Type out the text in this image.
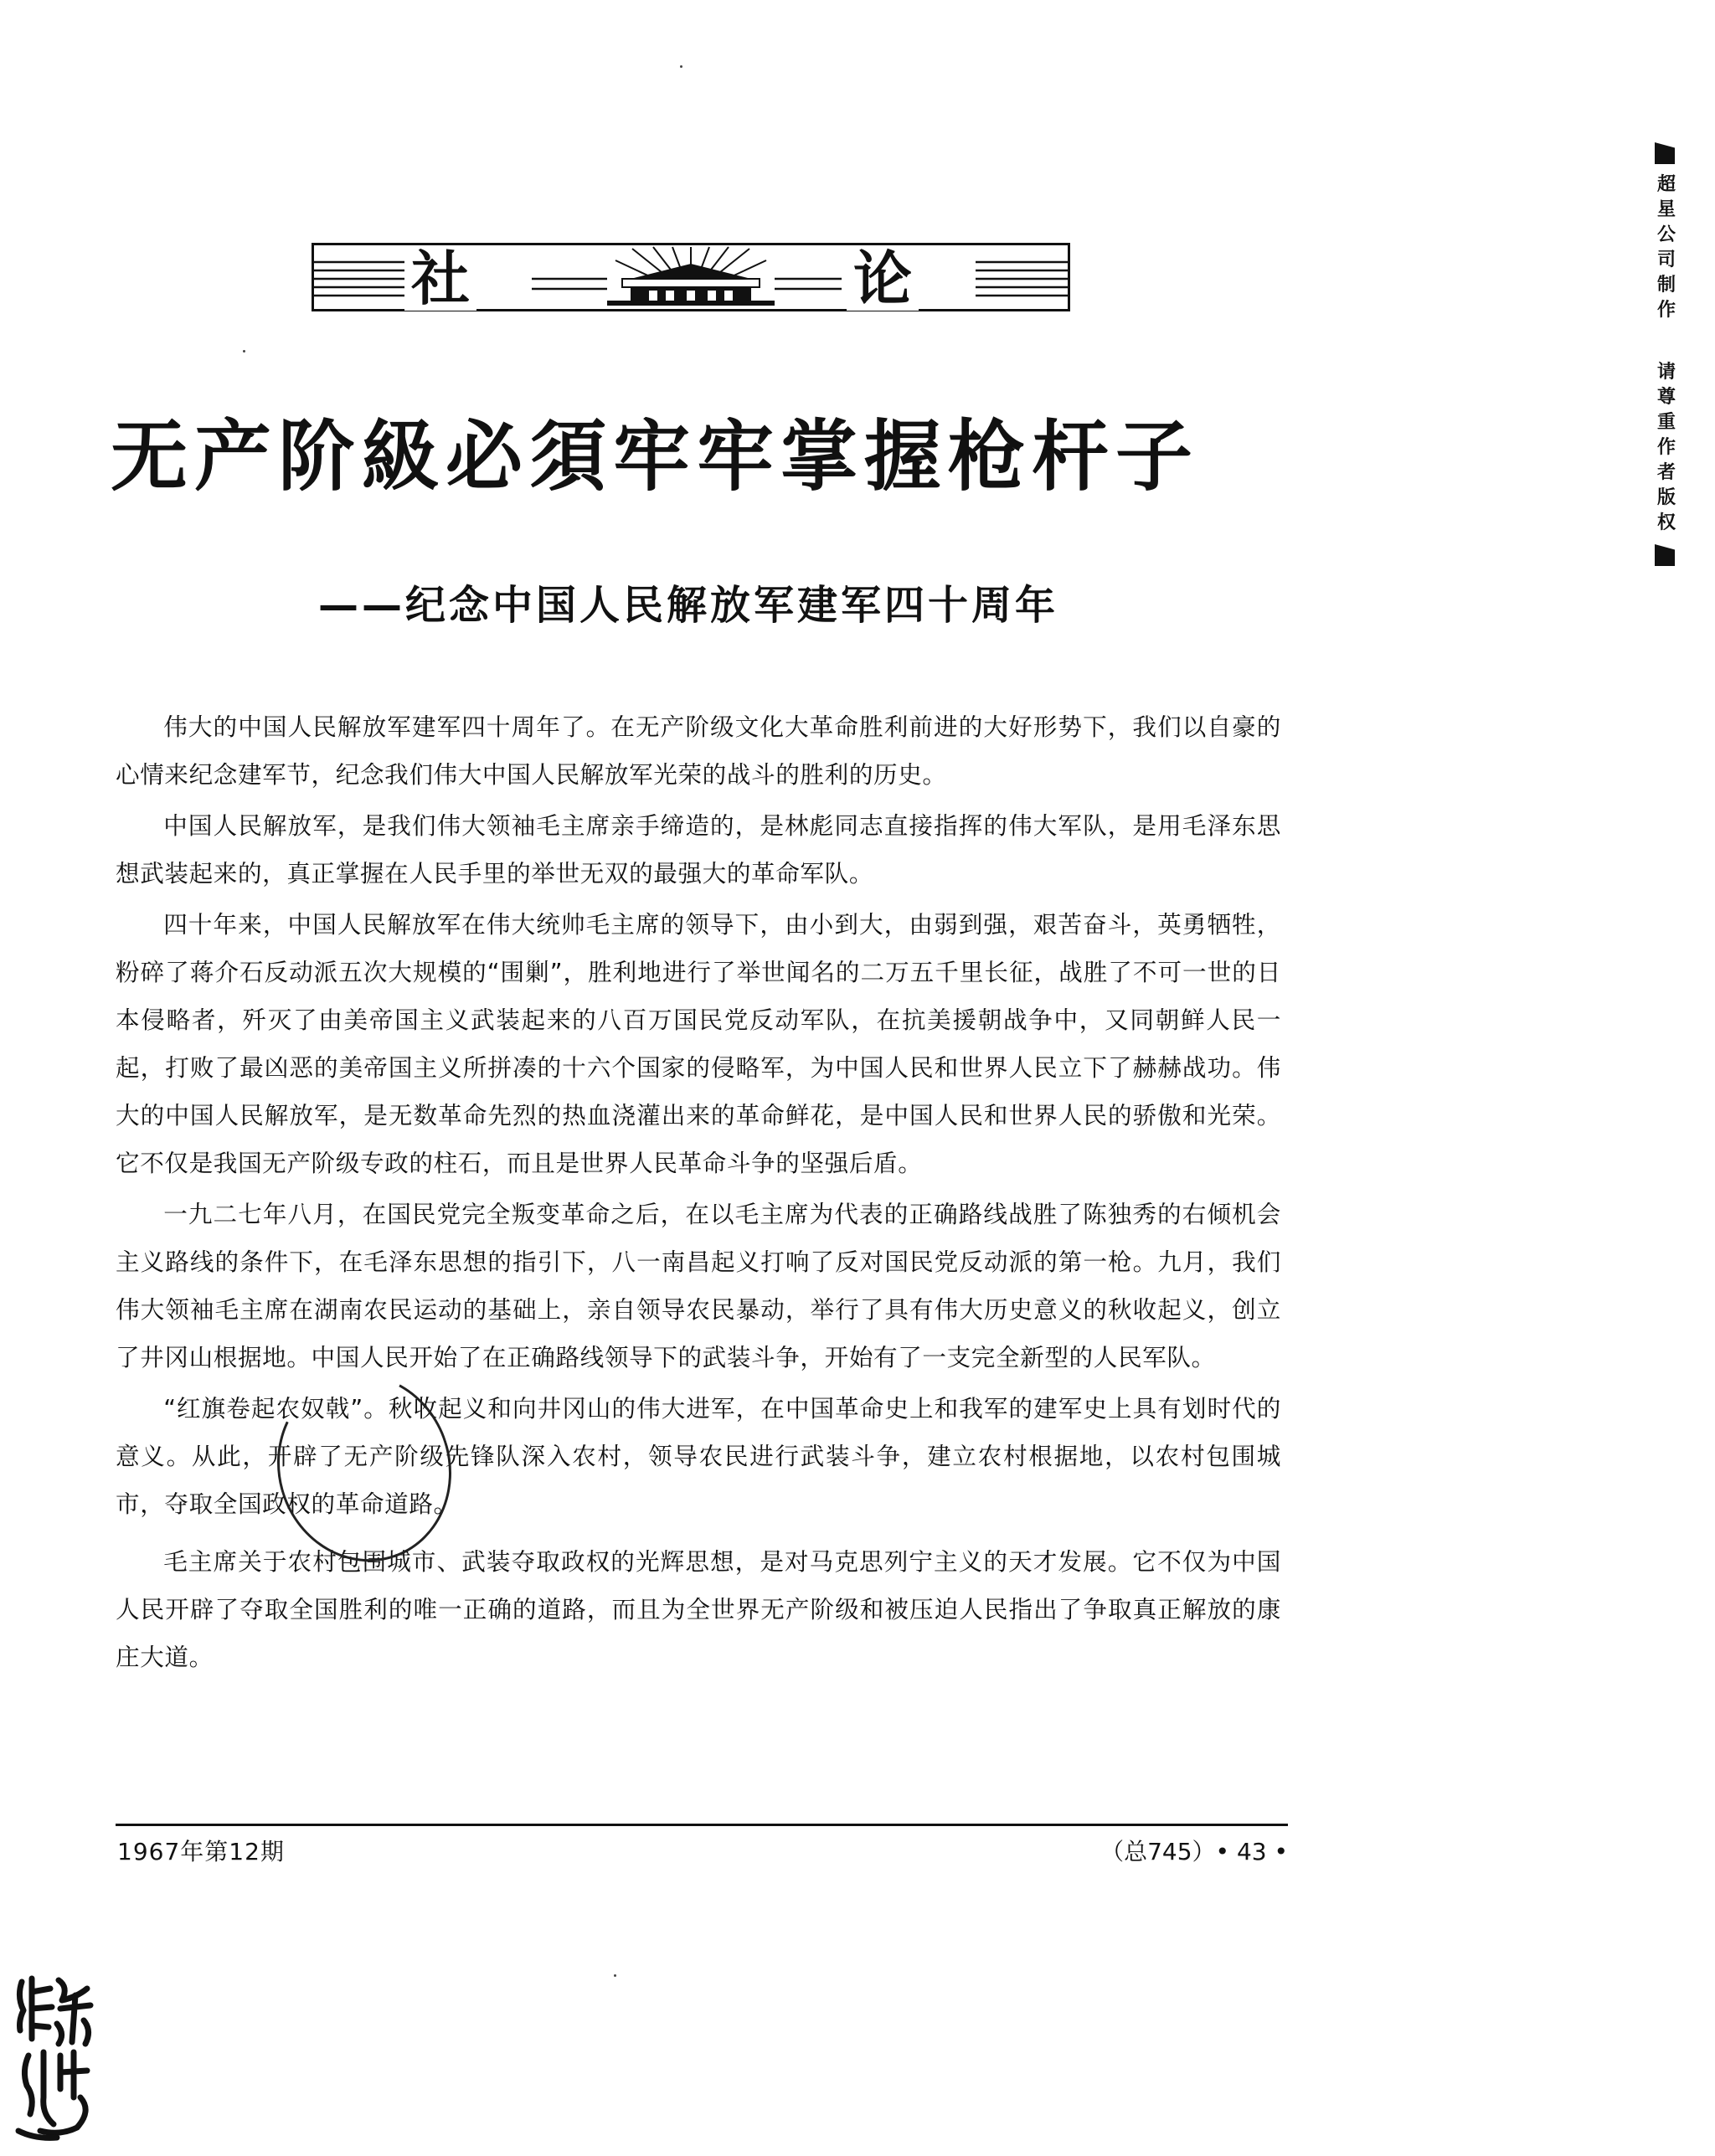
社	论
无产阶級必須牢牢掌握枪杆子
——纪念中国人民解放军建军四十周年

伟大的中国人民解放军建军四十周年了。在无产阶级文化大革命胜利前进的大好形势下，我们以自豪的心情来纪念建军节，纪念我们伟大中国人民解放军光荣的战斗的胜利的历史。

中国人民解放军，是我们伟大领袖毛主席亲手缔造的，是林彪同志直接指挥的伟大军队，是用毛泽东思想武装起来的，真正掌握在人民手里的举世无双的最强大的革命军队。

四十年来，中国人民解放军在伟大统帅毛主席的领导下，由小到大，由弱到强，艰苦奋斗，英勇牺牲，粉碎了蒋介石反动派五次大规模的“围剿”，胜利地进行了举世闻名的二万五千里长征，战胜了不可一世的日本侵略者，歼灭了由美帝国主义武装起来的八百万国民党反动军队，在抗美援朝战争中，又同朝鲜人民一起，打败了最凶恶的美帝国主义所拼凑的十六个国家的侵略军，为中国人民和世界人民立下了赫赫战功。伟大的中国人民解放军，是无数革命先烈的热血浇灌出来的革命鲜花，是中国人民和世界人民的骄傲和光荣。它不仅是我国无产阶级专政的柱石，而且是世界人民革命斗争的坚强后盾。

一九二七年八月，在国民党完全叛变革命之后，在以毛主席为代表的正确路线战胜了陈独秀的右倾机会主义路线的条件下，在毛泽东思想的指引下，八一南昌起义打响了反对国民党反动派的第一枪。九月，我们伟大领袖毛主席在湖南农民运动的基础上，亲自领导农民暴动，举行了具有伟大历史意义的秋收起义，创立了井冈山根据地。中国人民开始了在正确路线领导下的武装斗争，开始有了一支完全新型的人民军队。

“红旗卷起农奴戟”。秋收起义和向井冈山的伟大进军，在中国革命史上和我军的建军史上具有划时代的意义。从此，开辟了无产阶级先锋队深入农村，领导农民进行武装斗争，建立农村根据地，以农村包围城市，夺取全国政权的革命道路。

毛主席关于农村包围城市、武装夺取政权的光辉思想，是对马克思列宁主义的天才发展。它不仅为中国人民开辟了夺取全国胜利的唯一正确的道路，而且为全世界无产阶级和被压迫人民指出了争取真正解放的康庄大道。

1967年第12期	（总745）• 43 •
超
星
公
司
制
作
请
尊
重
作
者
版
权
